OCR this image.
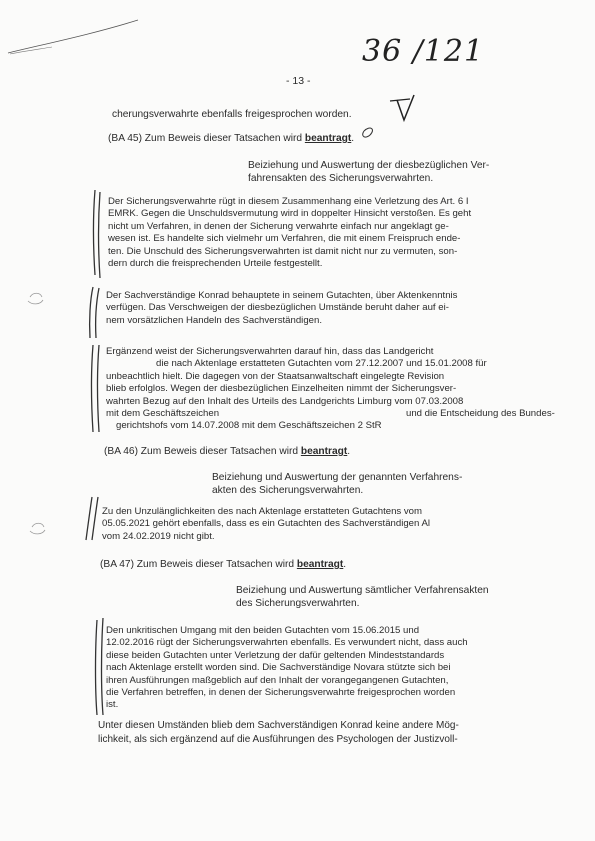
36 /121
- 13 -

cherungsverwahrte ebenfalls freigesprochen worden.

(BA 45) Zum Beweis dieser Tatsachen wird beantragt.

Beiziehung und Auswertung der diesbezüglichen Ver-
fahrensakten des Sicherungsverwahrten.

Der Sicherungsverwahrte rügt in diesem Zusammenhang eine Verletzung des Art. 6 I
EMRK. Gegen die Unschuldsvermutung wird in doppelter Hinsicht verstoßen. Es geht
nicht um Verfahren, in denen der Sicherung verwahrte einfach nur angeklagt ge-
wesen ist. Es handelte sich vielmehr um Verfahren, die mit einem Freispruch ende-
ten. Die Unschuld des Sicherungsverwahrten ist damit nicht nur zu vermuten, son-
dern durch die freisprechenden Urteile festgestellt.

Der Sachverständige Konrad behauptete in seinem Gutachten, über Aktenkenntnis
verfügen. Das Verschweigen der diesbezüglichen Umstände beruht daher auf ei-
nem vorsätzlichen Handeln des Sachverständigen.

Ergänzend weist der Sicherungsverwahrten darauf hin, dass das Landgericht
die nach Aktenlage erstatteten Gutachten vom 27.12.2007 und 15.01.2008 für
unbeachtlich hielt. Die dagegen von der Staatsanwaltschaft eingelegte Revision
blieb erfolglos. Wegen der diesbezüglichen Einzelheiten nimmt der Sicherungsver-
wahrten Bezug auf den Inhalt des Urteils des Landgerichts Limburg vom 07.03.2008
mit dem Geschäftszeichen	und die Entscheidung des Bundes-
gerichtshofs vom 14.07.2008 mit dem Geschäftszeichen 2 StR

(BA 46) Zum Beweis dieser Tatsachen wird beantragt.

Beiziehung und Auswertung der genannten Verfahrens-
akten des Sicherungsverwahrten.

Zu den Unzulänglichkeiten des nach Aktenlage erstatteten Gutachtens vom
05.05.2021 gehört ebenfalls, dass es ein Gutachten des Sachverständigen Al
vom 24.02.2019 nicht gibt.

(BA 47) Zum Beweis dieser Tatsachen wird beantragt.

Beiziehung und Auswertung sämtlicher Verfahrensakten
des Sicherungsverwahrten.

Den unkritischen Umgang mit den beiden Gutachten vom 15.06.2015 und
12.02.2016 rügt der Sicherungsverwahrten ebenfalls. Es verwundert nicht, dass auch
diese beiden Gutachten unter Verletzung der dafür geltenden Mindeststandards
nach Aktenlage erstellt worden sind. Die Sachverständige Novara stützte sich bei
ihren Ausführungen maßgeblich auf den Inhalt der vorangegangenen Gutachten,
die Verfahren betreffen, in denen der Sicherungsverwahrte freigesprochen worden
ist.

Unter diesen Umständen blieb dem Sachverständigen Konrad keine andere Mög-
lichkeit, als sich ergänzend auf die Ausführungen des Psychologen der Justizvoll-
